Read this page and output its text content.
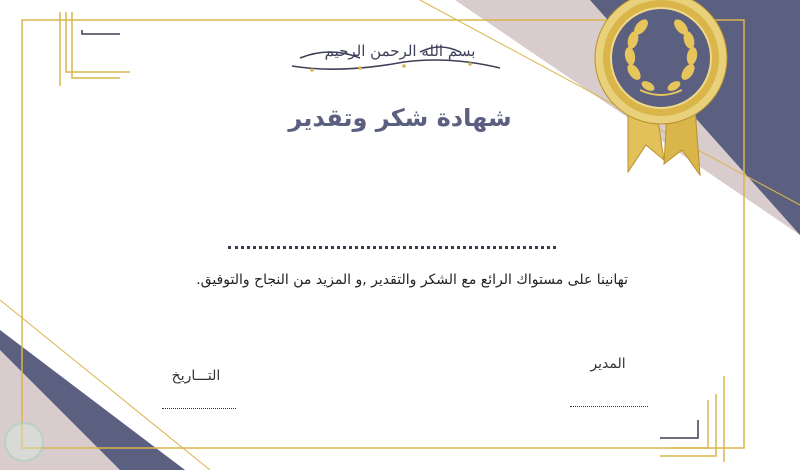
بسم الله الرحمن الرحيم
شهادة شكر وتقدير
تهانينا على مستواك الرائع مع الشكر والتقدير ,و المزيد من النجاح والتوفيق.
المدير
التـــاريخ
